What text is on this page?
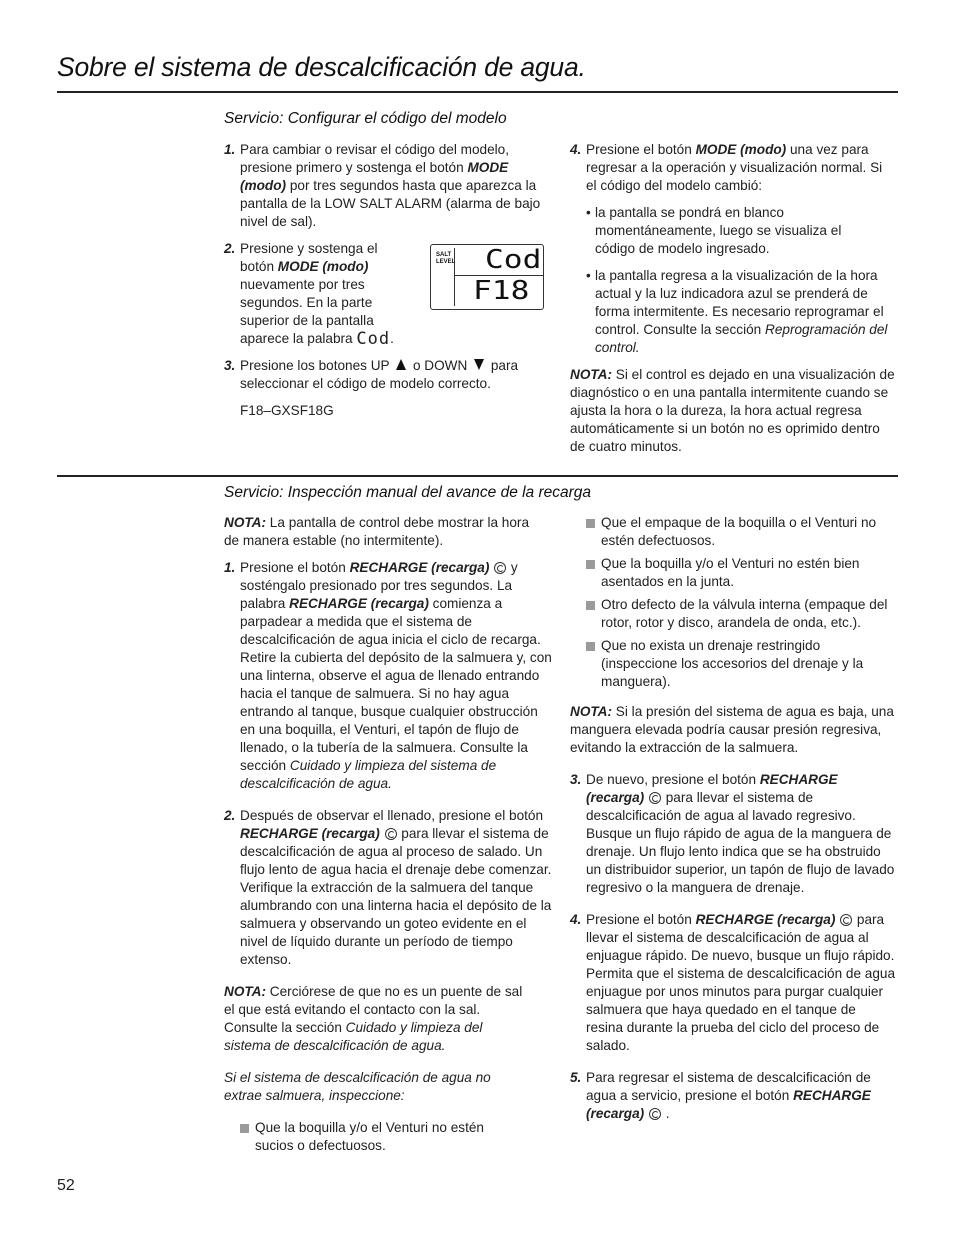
Sobre el sistema de descalcificación de agua.
Servicio: Configurar el código del modelo
1. Para cambiar o revisar el código del modelo, presione primero y sostenga el botón MODE (modo) por tres segundos hasta que aparezca la pantalla de la LOW SALT ALARM (alarma de bajo nivel de sal).
2. Presione y sostenga el
botón MODE (modo)
nuevamente por tres
segundos. En la parte
superior de la pantalla
aparece la palabra Cod.
3. Presione los botones UP o DOWN para
seleccionar el código de modelo correcto.
F18–GXSF18G
SALT
LEVEL Cod
F18
4. Presione el botón MODE (modo) una vez para regresar a la operación y visualización normal. Si el código del modelo cambió:
• la pantalla se pondrá en blanco momentáneamente, luego se visualiza el código de modelo ingresado.
• la pantalla regresa a la visualización de la hora actual y la luz indicadora azul se prenderá de forma intermitente. Es necesario reprogramar el control. Consulte la sección Reprogramación del control.

NOTA: Si el control es dejado en una visualización de diagnóstico o en una pantalla intermitente cuando se ajusta la hora o la dureza, la hora actual regresa automáticamente si un botón no es oprimido dentro de cuatro minutos.

Servicio: Inspección manual del avance de la recarga

NOTA: La pantalla de control debe mostrar la hora de manera estable (no intermitente).

1. Presione el botón RECHARGE (recarga)  y sosténgalo presionado por tres segundos. La palabra RECHARGE (recarga) comienza a parpadear a medida que el sistema de descalcificación de agua inicia el ciclo de recarga. Retire la cubierta del depósito de la salmuera y, con una linterna, observe el agua de llenado entrando hacia el tanque de salmuera. Si no hay agua entrando al tanque, busque cualquier obstrucción en una boquilla, el Venturi, el tapón de flujo de llenado, o la tubería de la salmuera. Consulte la sección Cuidado y limpieza del sistema de descalcificación de agua.
2. Después de observar el llenado, presione el botón RECHARGE (recarga)  para llevar el sistema de descalcificación de agua al proceso de salado. Un flujo lento de agua hacia el drenaje debe comenzar. Verifique la extracción de la salmuera del tanque alumbrando con una linterna hacia el depósito de la salmuera y observando un goteo evidente en el nivel de líquido durante un período de tiempo extenso.

NOTA: Cerciórese de que no es un puente de sal el que está evitando el contacto con la sal. Consulte la sección Cuidado y limpieza del sistema de descalcificación de agua.

Si el sistema de descalcificación de agua no extrae salmuera, inspeccione:

Que la boquilla y/o el Venturi no estén sucios o defectuosos.
Que el empaque de la boquilla o el Venturi no estén defectuosos.
Que la boquilla y/o el Venturi no estén bien asentados en la junta.
Otro defecto de la válvula interna (empaque del rotor, rotor y disco, arandela de onda, etc.).
Que no exista un drenaje restringido (inspeccione los accesorios del drenaje y la manguera).

NOTA: Si la presión del sistema de agua es baja, una manguera elevada podría causar presión regresiva, evitando la extracción de la salmuera.

3. De nuevo, presione el botón RECHARGE (recarga)  para llevar el sistema de descalcificación de agua al lavado regresivo. Busque un flujo rápido de agua de la manguera de drenaje. Un flujo lento indica que se ha obstruido un distribuidor superior, un tapón de flujo de lavado regresivo o la manguera de drenaje.
4. Presione el botón RECHARGE (recarga)  para llevar el sistema de descalcificación de agua al enjuague rápido. De nuevo, busque un flujo rápido. Permita que el sistema de descalcificación de agua enjuague por unos minutos para purgar cualquier salmuera que haya quedado en el tanque de resina durante la prueba del ciclo del proceso de salado.
5. Para regresar el sistema de descalcificación de agua a servicio, presione el botón RECHARGE (recarga)  .
52
